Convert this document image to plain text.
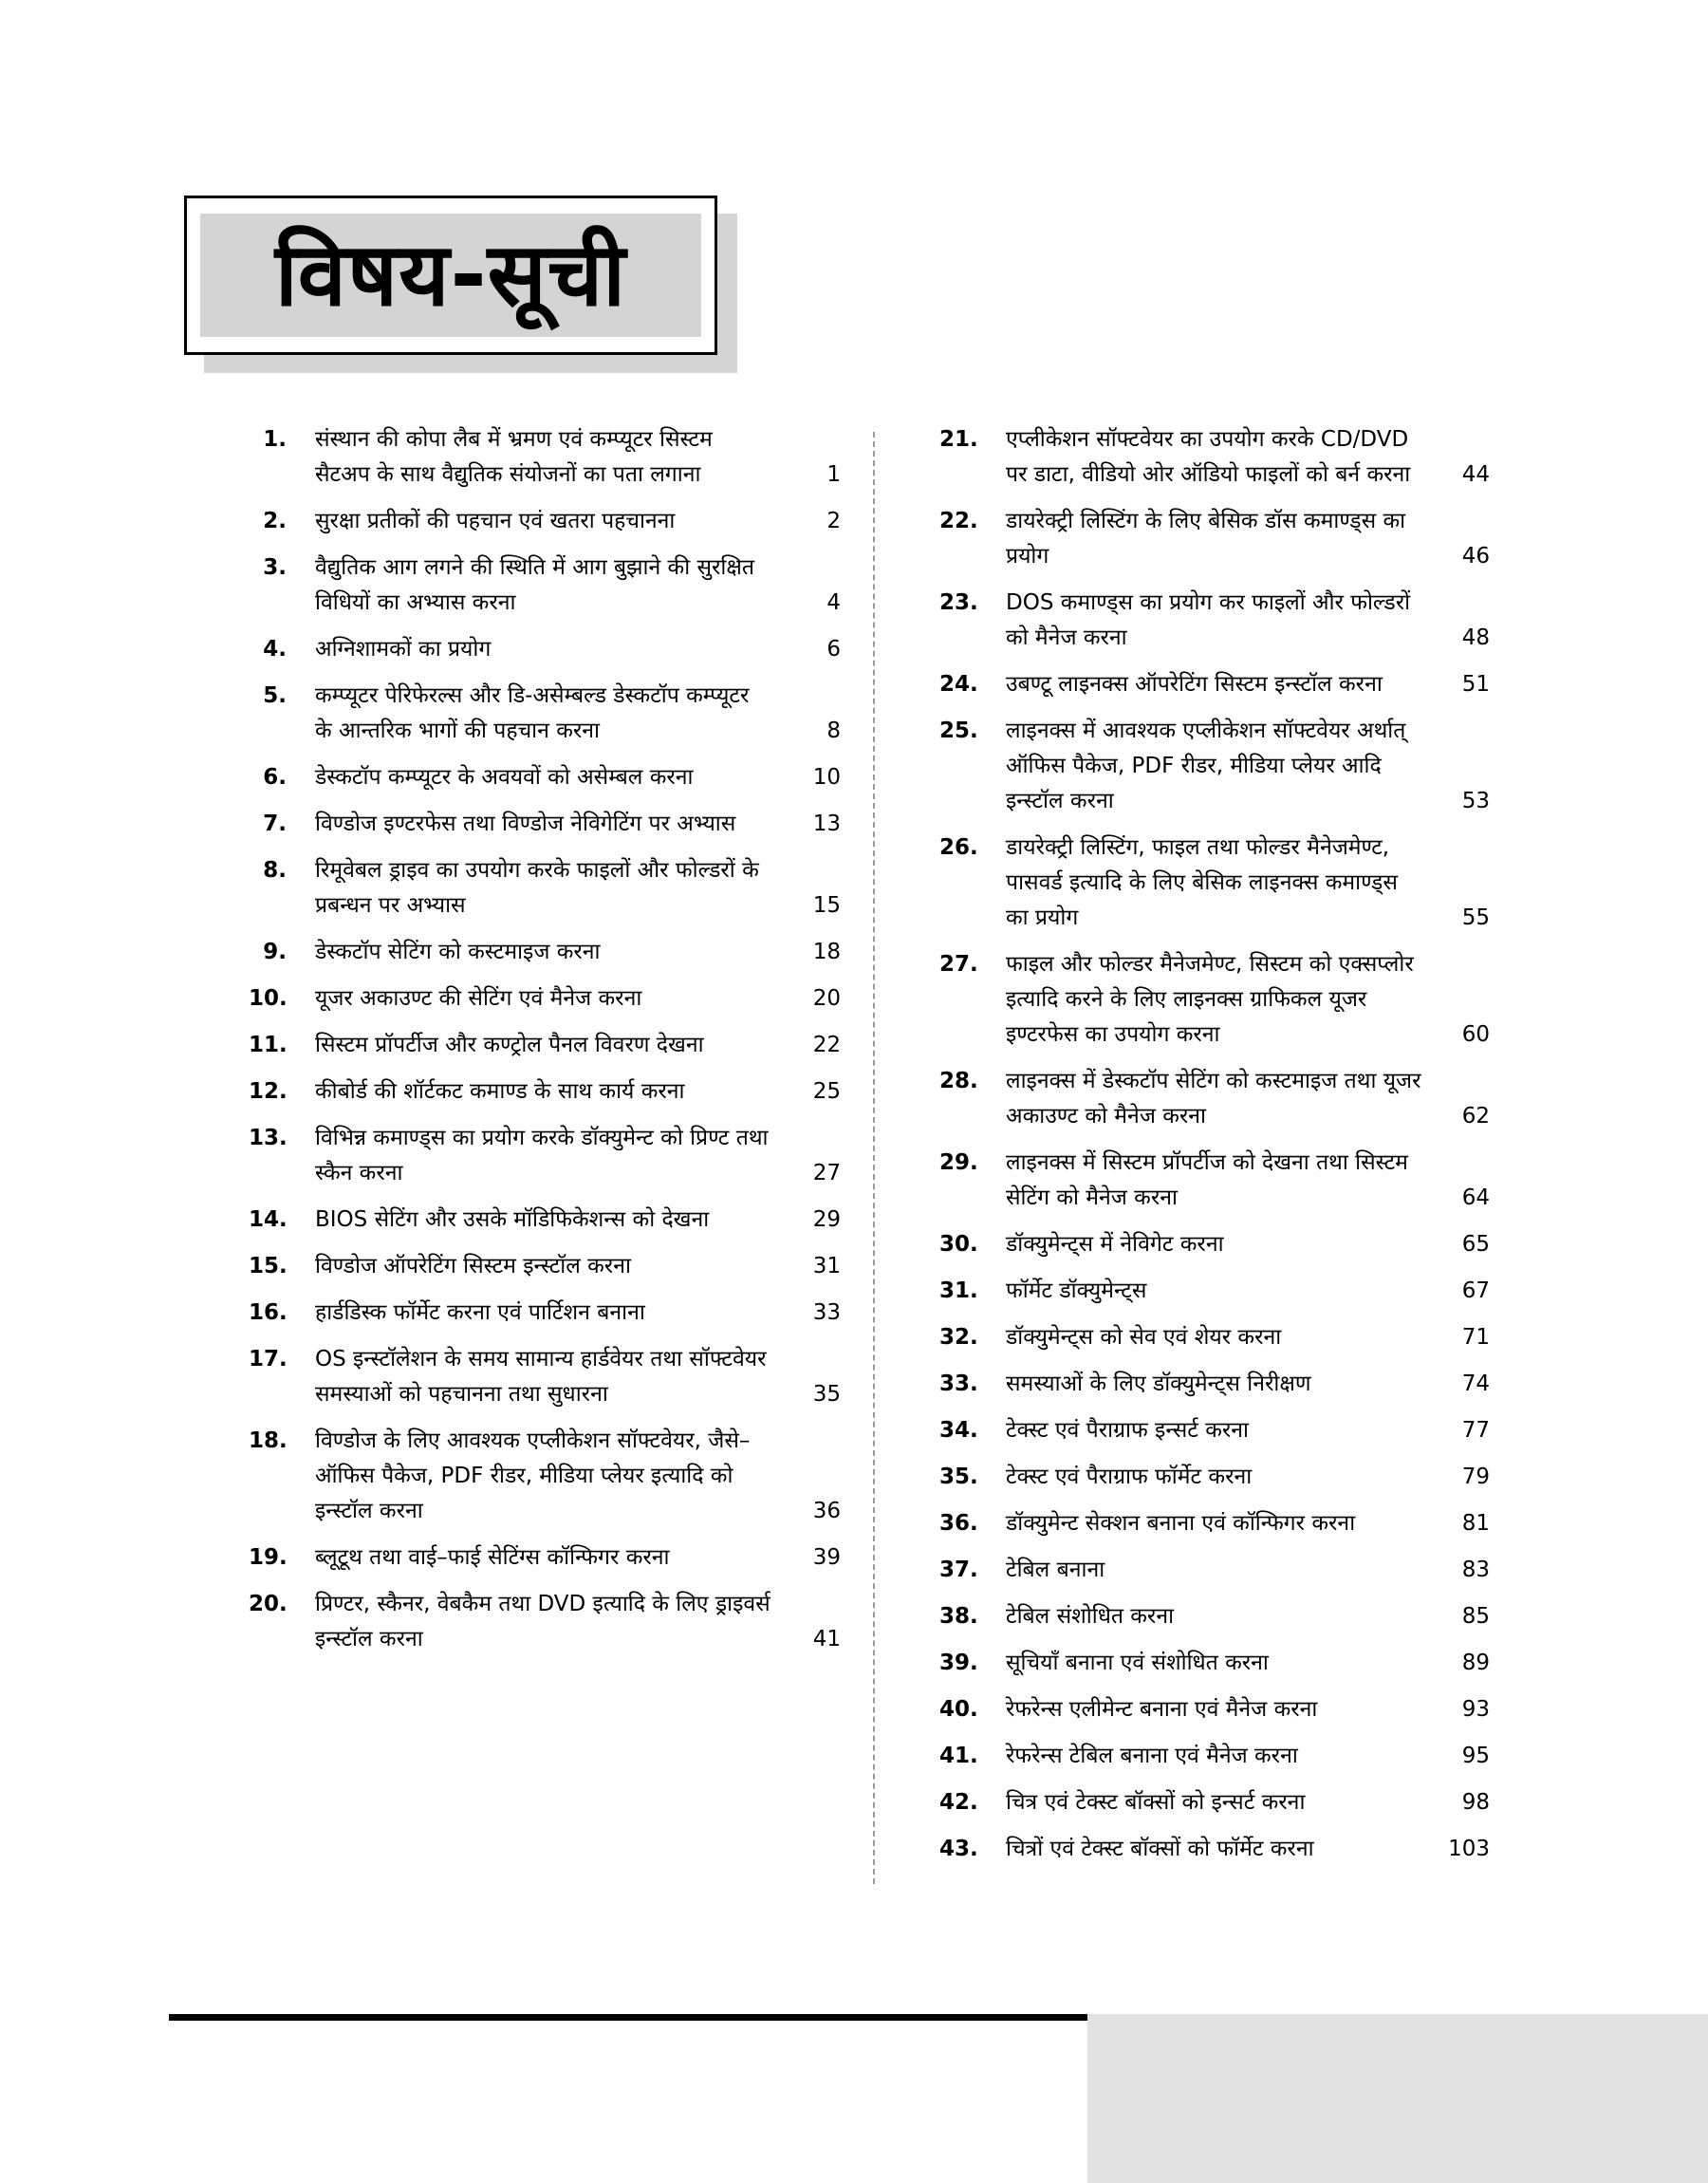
विषय-सूची
1. संस्थान की कोपा लैब में भ्रमण एवं कम्प्यूटर सिस्टम सैटअप के साथ वैद्युतिक संयोजनों का पता लगाना	1
2. सुरक्षा प्रतीकों की पहचान एवं खतरा पहचानना	2
3. वैद्युतिक आग लगने की स्थिति में आग बुझाने की सुरक्षित विधियों का अभ्यास करना	4
4. अग्निशामकों का प्रयोग	6
5. कम्प्यूटर पेरिफेरल्स और डि-असेम्बल्ड डेस्कटॉप कम्प्यूटर के आन्तरिक भागों की पहचान करना	8
6. डेस्कटॉप कम्प्यूटर के अवयवों को असेम्बल करना	10
7. विण्डोज इण्टरफेस तथा विण्डोज नेविगेटिंग पर अभ्यास	13
8. रिमूवेबल ड्राइव का उपयोग करके फाइलों और फोल्डरों के प्रबन्धन पर अभ्यास	15
9. डेस्कटॉप सेटिंग को कस्टमाइज करना	18
10. यूजर अकाउण्ट की सेटिंग एवं मैनेज करना	20
11. सिस्टम प्रॉपर्टीज और कण्ट्रोल पैनल विवरण देखना	22
12. कीबोर्ड की शॉर्टकट कमाण्ड के साथ कार्य करना	25
13. विभिन्न कमाण्ड्स का प्रयोग करके डॉक्युमेन्ट को प्रिण्ट तथा स्कैन करना	27
14. BIOS सेटिंग और उसके मॉडिफिकेशन्स को देखना	29
15. विण्डोज ऑपरेटिंग सिस्टम इन्स्टॉल करना	31
16. हार्डडिस्क फॉर्मेट करना एवं पार्टिशन बनाना	33
17. OS इन्स्टॉलेशन के समय सामान्य हार्डवेयर तथा सॉफ्टवेयर समस्याओं को पहचानना तथा सुधारना	35
18. विण्डोज के लिए आवश्यक एप्लीकेशन सॉफ्टवेयर, जैसे–ऑफिस पैकेज, PDF रीडर, मीडिया प्लेयर इत्यादि को इन्स्टॉल करना	36
19. ब्लूटूथ तथा वाई–फाई सेटिंग्स कॉन्फिगर करना	39
20. प्रिण्टर, स्कैनर, वेबकैम तथा DVD इत्यादि के लिए ड्राइवर्स इन्स्टॉल करना	41
21. एप्लीकेशन सॉफ्टवेयर का उपयोग करके CD/DVD पर डाटा, वीडियो ओर ऑडियो फाइलों को बर्न करना	44
22. डायरेक्ट्री लिस्टिंग के लिए बेसिक डॉस कमाण्ड्स का प्रयोग	46
23. DOS कमाण्ड्स का प्रयोग कर फाइलों और फोल्डरों को मैनेज करना	48
24. उबण्टू लाइनक्स ऑपरेटिंग सिस्टम इन्स्टॉल करना	51
25. लाइनक्स में आवश्यक एप्लीकेशन सॉफ्टवेयर अर्थात् ऑफिस पैकेज, PDF रीडर, मीडिया प्लेयर आदि इन्स्टॉल करना	53
26. डायरेक्ट्री लिस्टिंग, फाइल तथा फोल्डर मैनेजमेण्ट, पासवर्ड इत्यादि के लिए बेसिक लाइनक्स कमाण्ड्स का प्रयोग	55
27. फाइल और फोल्डर मैनेजमेण्ट, सिस्टम को एक्सप्लोर इत्यादि करने के लिए लाइनक्स ग्राफिकल यूजर इण्टरफेस का उपयोग करना	60
28. लाइनक्स में डेस्कटॉप सेटिंग को कस्टमाइज तथा यूजर अकाउण्ट को मैनेज करना	62
29. लाइनक्स में सिस्टम प्रॉपर्टीज को देखना तथा सिस्टम सेटिंग को मैनेज करना	64
30. डॉक्युमेन्ट्स में नेविगेट करना	65
31. फॉर्मेट डॉक्युमेन्ट्स	67
32. डॉक्युमेन्ट्स को सेव एवं शेयर करना	71
33. समस्याओं के लिए डॉक्युमेन्ट्स निरीक्षण	74
34. टेक्स्ट एवं पैराग्राफ इन्सर्ट करना	77
35. टेक्स्ट एवं पैराग्राफ फॉर्मेट करना	79
36. डॉक्युमेन्ट सेक्शन बनाना एवं कॉन्फिगर करना	81
37. टेबिल बनाना	83
38. टेबिल संशोधित करना	85
39. सूचियाँ बनाना एवं संशोधित करना	89
40. रेफरेन्स एलीमेन्ट बनाना एवं मैनेज करना	93
41. रेफरेन्स टेबिल बनाना एवं मैनेज करना	95
42. चित्र एवं टेक्स्ट बॉक्सों को इन्सर्ट करना	98
43. चित्रों एवं टेक्स्ट बॉक्सों को फॉर्मेट करना	103
